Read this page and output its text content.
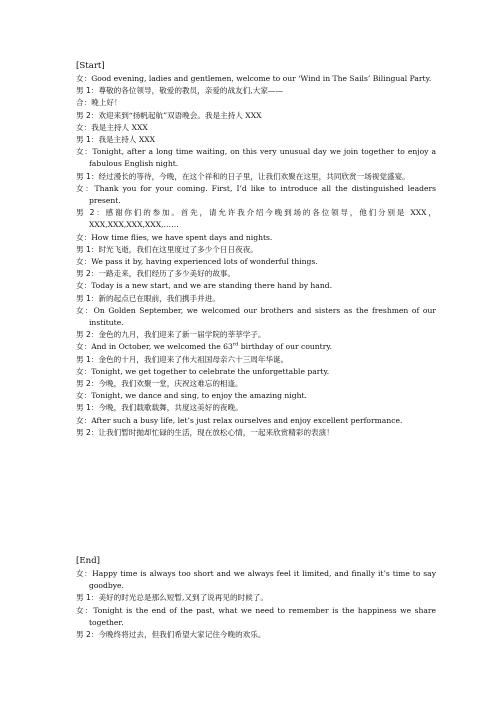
[Start]
女：Good evening, ladies and gentlemen, welcome to our ‘Wind in The Sails’ Bilingual Party.
男 1：尊敬的各位领导，敬爱的教员，亲爱的战友们,大家——
合：晚上好！
男 2：欢迎来到“扬帆起航”双语晚会。我是主持人 XXX
女：我是主持人 XXX
男 1：我是主持人 XXX
女：Tonight, after a long time waiting, on this very unusual day we join together to enjoy a fabulous English night.
男 1：经过漫长的等待，今晚，在这个祥和的日子里，让我们欢聚在这里，共同欣赏一场视觉盛宴。
女：Thank you for your coming. First, I’d like to introduce all the distinguished leaders present.
男 2：感谢你们的参加。首先，请允许我介绍今晚到场的各位领导，他们分别是 XXX，XXX,XXX,XXX,XXX,……
女：How time flies, we have spent days and nights.
男 1：时光飞逝，我们在这里度过了多少个日日夜夜。
女：We pass it by, having experienced lots of wonderful things.
男 2：一路走来，我们经历了多少美好的故事。
女：Today is a new start, and we are standing there hand by hand.
男 1：新的起点已在眼前，我们携手并进。
女：On Golden September, we welcomed our brothers and sisters as the freshmen of our institute.
男 2：金色的九月，我们迎来了新一届学院的莘莘学子。
女：And in October, we welcomed the 63rd birthday of our country.
男 1：金色的十月，我们迎来了伟大祖国母亲六十三周年华诞。
女：Tonight, we get together to celebrate the unforgettable party.
男 2：今晚，我们欢聚一堂，庆祝这难忘的相逢。
女：Tonight, we dance and sing, to enjoy the amazing night.
男 1：今晚，我们载歌载舞，共度这美好的夜晚。
女：After such a busy life, let’s just relax ourselves and enjoy excellent performance.
男 2：让我们暂时抛却忙碌的生活，现在放松心情，一起来欣赏精彩的表演！
[End]
女：Happy time is always too short and we always feel it limited, and finally it’s time to say goodbye.
男 1：美好的时光总是那么短暂,又到了说再见的时候了。
女：Tonight is the end of the past, what we need to remember is the happiness we share together.
男 2：今晚终将过去，但我们希望大家记住今晚的欢乐。
